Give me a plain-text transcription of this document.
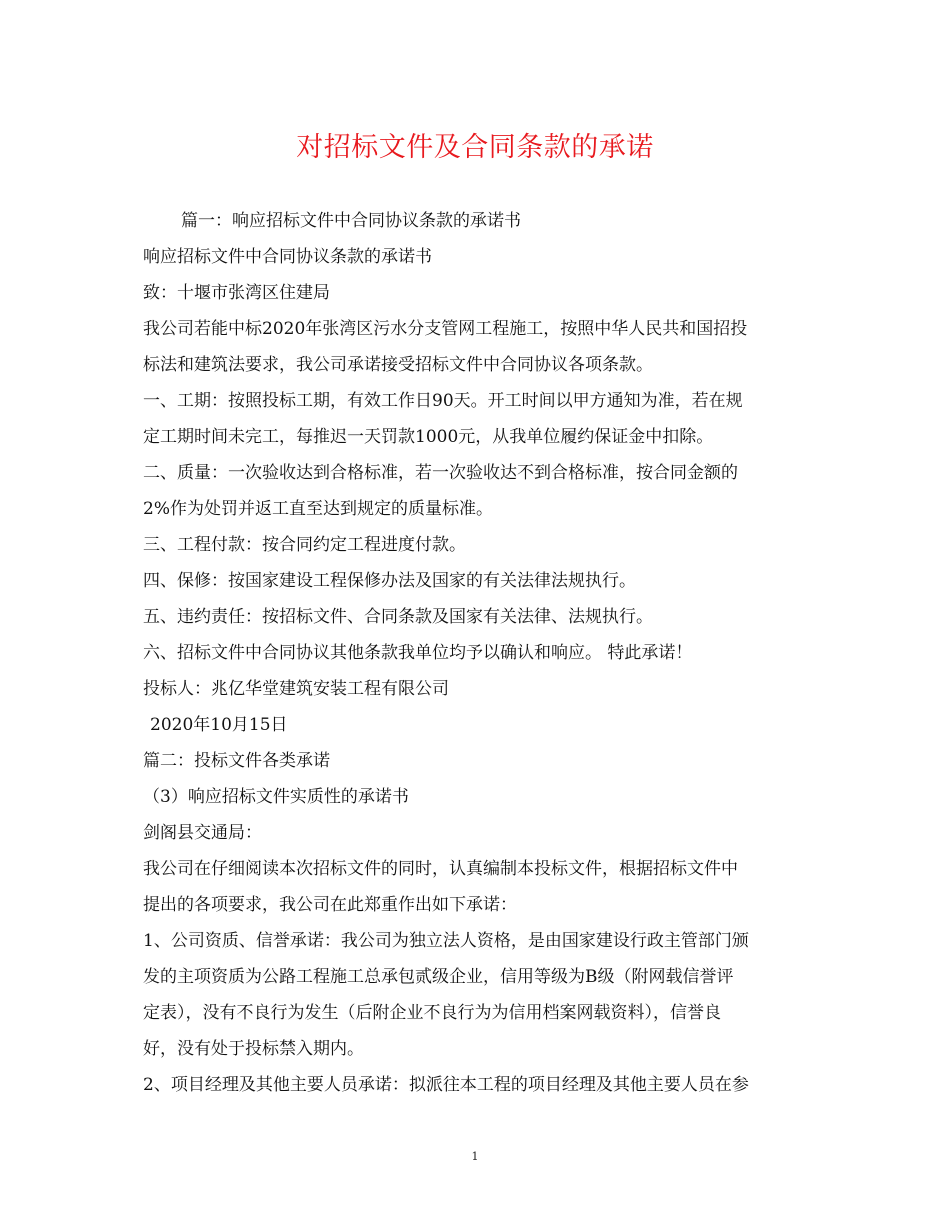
对招标文件及合同条款的承诺
篇一：响应招标文件中合同协议条款的承诺书
响应招标文件中合同协议条款的承诺书
致：十堰市张湾区住建局
我公司若能中标2020年张湾区污水分支管网工程施工，按照中华人民共和国招投
标法和建筑法要求，我公司承诺接受招标文件中合同协议各项条款。
一、工期：按照投标工期，有效工作日90天。开工时间以甲方通知为准，若在规
定工期时间未完工，每推迟一天罚款1000元，从我单位履约保证金中扣除。
二、质量：一次验收达到合格标准，若一次验收达不到合格标准，按合同金额的
2%作为处罚并返工直至达到规定的质量标准。
三、工程付款：按合同约定工程进度付款。
四、保修：按国家建设工程保修办法及国家的有关法律法规执行。
五、违约责任：按招标文件、合同条款及国家有关法律、法规执行。
六、招标文件中合同协议其他条款我单位均予以确认和响应。 特此承诺！
投标人：兆亿华堂建筑安装工程有限公司
2020年10月15日
篇二：投标文件各类承诺
（3）响应招标文件实质性的承诺书
剑阁县交通局：
我公司在仔细阅读本次招标文件的同时，认真编制本投标文件，根据招标文件中
提出的各项要求，我公司在此郑重作出如下承诺：
1、公司资质、信誉承诺：我公司为独立法人资格，是由国家建设行政主管部门颁
发的主项资质为公路工程施工总承包贰级企业，信用等级为B级（附网载信誉评
定表），没有不良行为发生（后附企业不良行为为信用档案网载资料），信誉良
好，没有处于投标禁入期内。
2、项目经理及其他主要人员承诺：拟派往本工程的项目经理及其他主要人员在参
1
